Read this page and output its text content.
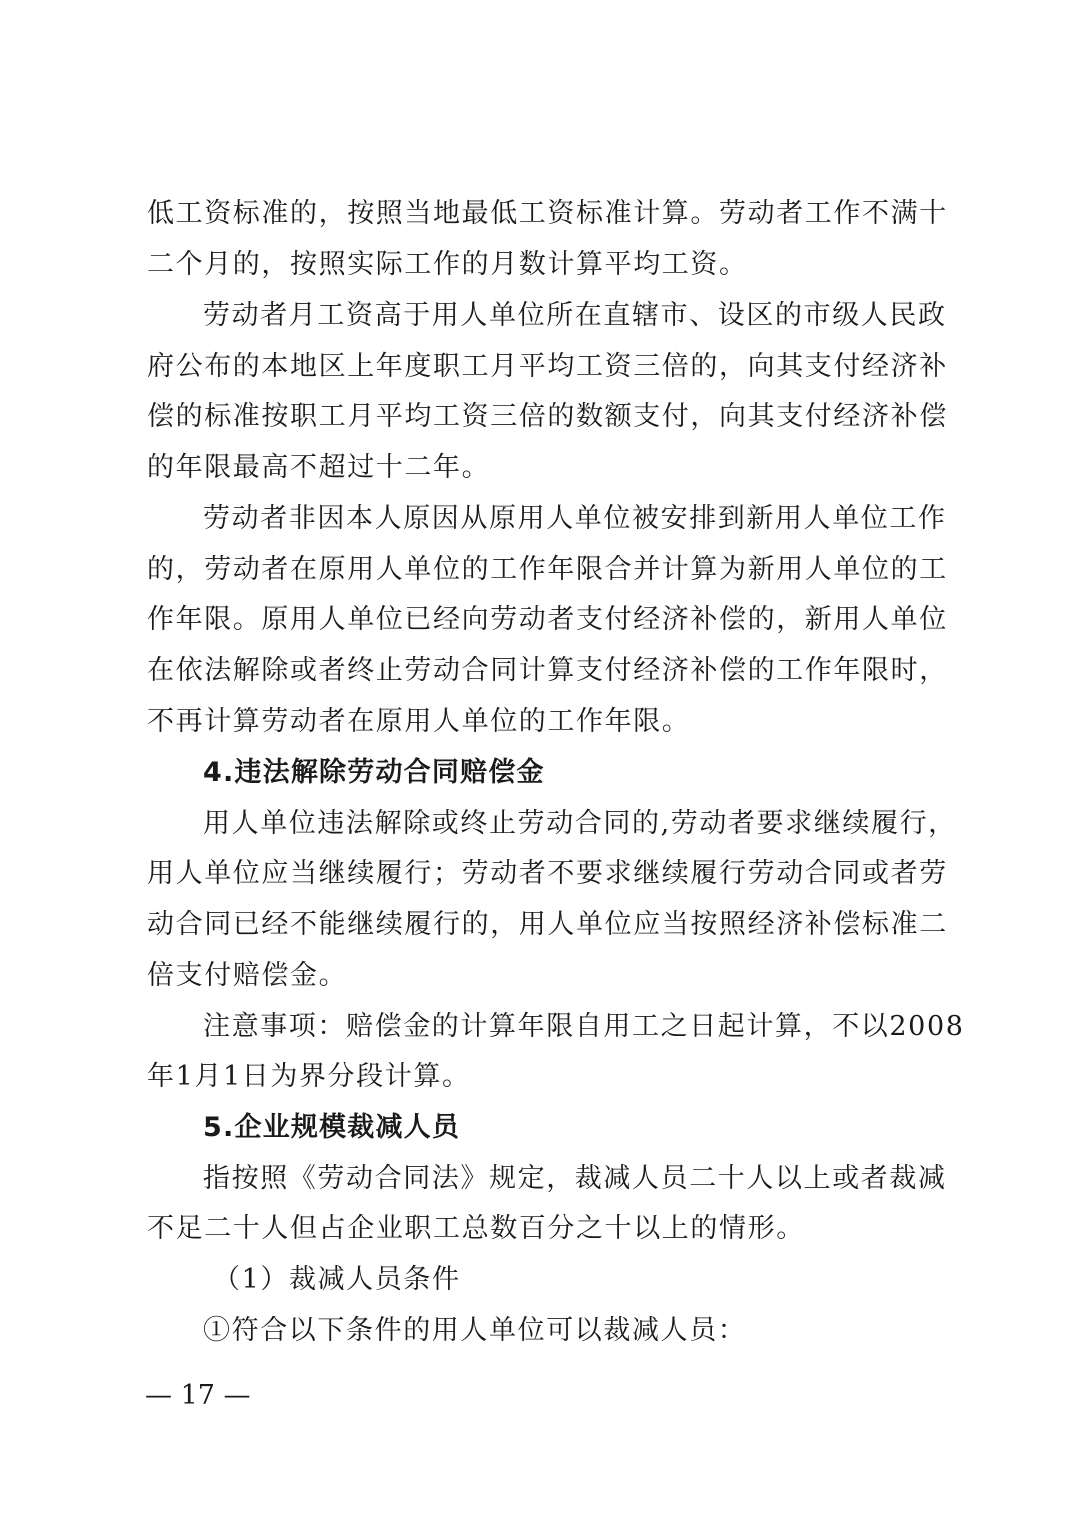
低工资标准的，按照当地最低工资标准计算。劳动者工作不满十
二个月的，按照实际工作的月数计算平均工资。
劳动者月工资高于用人单位所在直辖市、设区的市级人民政
府公布的本地区上年度职工月平均工资三倍的，向其支付经济补
偿的标准按职工月平均工资三倍的数额支付，向其支付经济补偿
的年限最高不超过十二年。
劳动者非因本人原因从原用人单位被安排到新用人单位工作
的，劳动者在原用人单位的工作年限合并计算为新用人单位的工
作年限。原用人单位已经向劳动者支付经济补偿的，新用人单位
在依法解除或者终止劳动合同计算支付经济补偿的工作年限时，
不再计算劳动者在原用人单位的工作年限。
4.违法解除劳动合同赔偿金
用人单位违法解除或终止劳动合同的,劳动者要求继续履行，
用人单位应当继续履行；劳动者不要求继续履行劳动合同或者劳
动合同已经不能继续履行的，用人单位应当按照经济补偿标准二
倍支付赔偿金。
注意事项：赔偿金的计算年限自用工之日起计算，不以2008
年1月1日为界分段计算。
5.企业规模裁减人员
指按照《劳动合同法》规定，裁减人员二十人以上或者裁减
不足二十人但占企业职工总数百分之十以上的情形。
（1）裁减人员条件
①符合以下条件的用人单位可以裁减人员：
— 17 —
